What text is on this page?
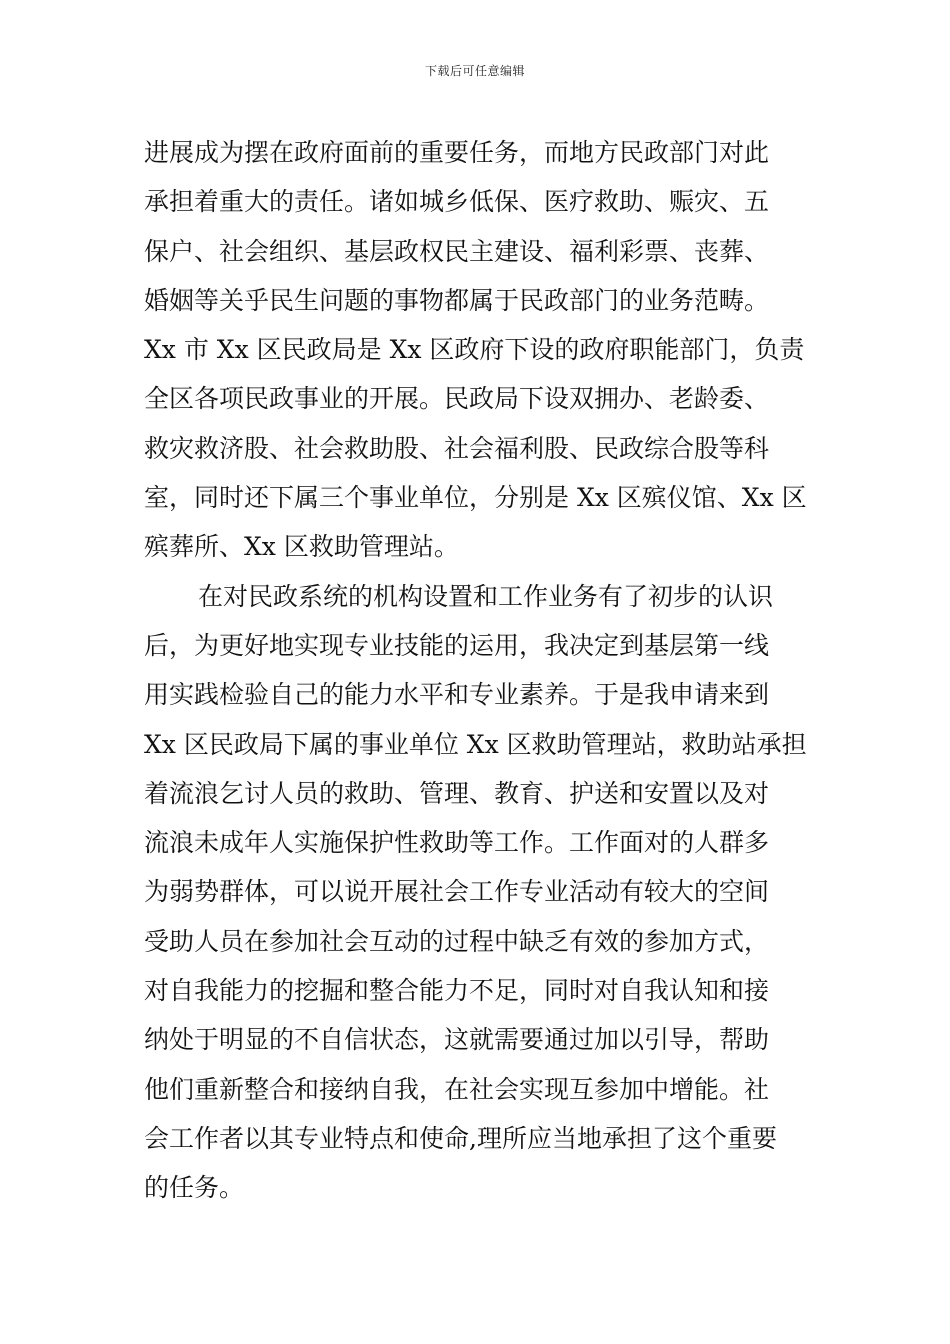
下载后可任意编辑
进展成为摆在政府面前的重要任务，而地方民政部门对此
承担着重大的责任。诸如城乡低保、医疗救助、赈灾、五
保户、社会组织、基层政权民主建设、福利彩票、丧葬、
婚姻等关乎民生问题的事物都属于民政部门的业务范畴。
Xx 市 Xx 区民政局是 Xx 区政府下设的政府职能部门，负责
全区各项民政事业的开展。民政局下设双拥办、老龄委、
救灾救济股、社会救助股、社会福利股、民政综合股等科
室，同时还下属三个事业单位，分别是 Xx 区殡仪馆、Xx 区
殡葬所、Xx 区救助管理站。
在对民政系统的机构设置和工作业务有了初步的认识
后，为更好地实现专业技能的运用，我决定到基层第一线
用实践检验自己的能力水平和专业素养。于是我申请来到
Xx 区民政局下属的事业单位 Xx 区救助管理站，救助站承担
着流浪乞讨人员的救助、管理、教育、护送和安置以及对
流浪未成年人实施保护性救助等工作。工作面对的人群多
为弱势群体，可以说开展社会工作专业活动有较大的空间
受助人员在参加社会互动的过程中缺乏有效的参加方式，
对自我能力的挖掘和整合能力不足，同时对自我认知和接
纳处于明显的不自信状态，这就需要通过加以引导，帮助
他们重新整合和接纳自我，在社会实现互参加中增能。社
会工作者以其专业特点和使命,理所应当地承担了这个重要
的任务。
